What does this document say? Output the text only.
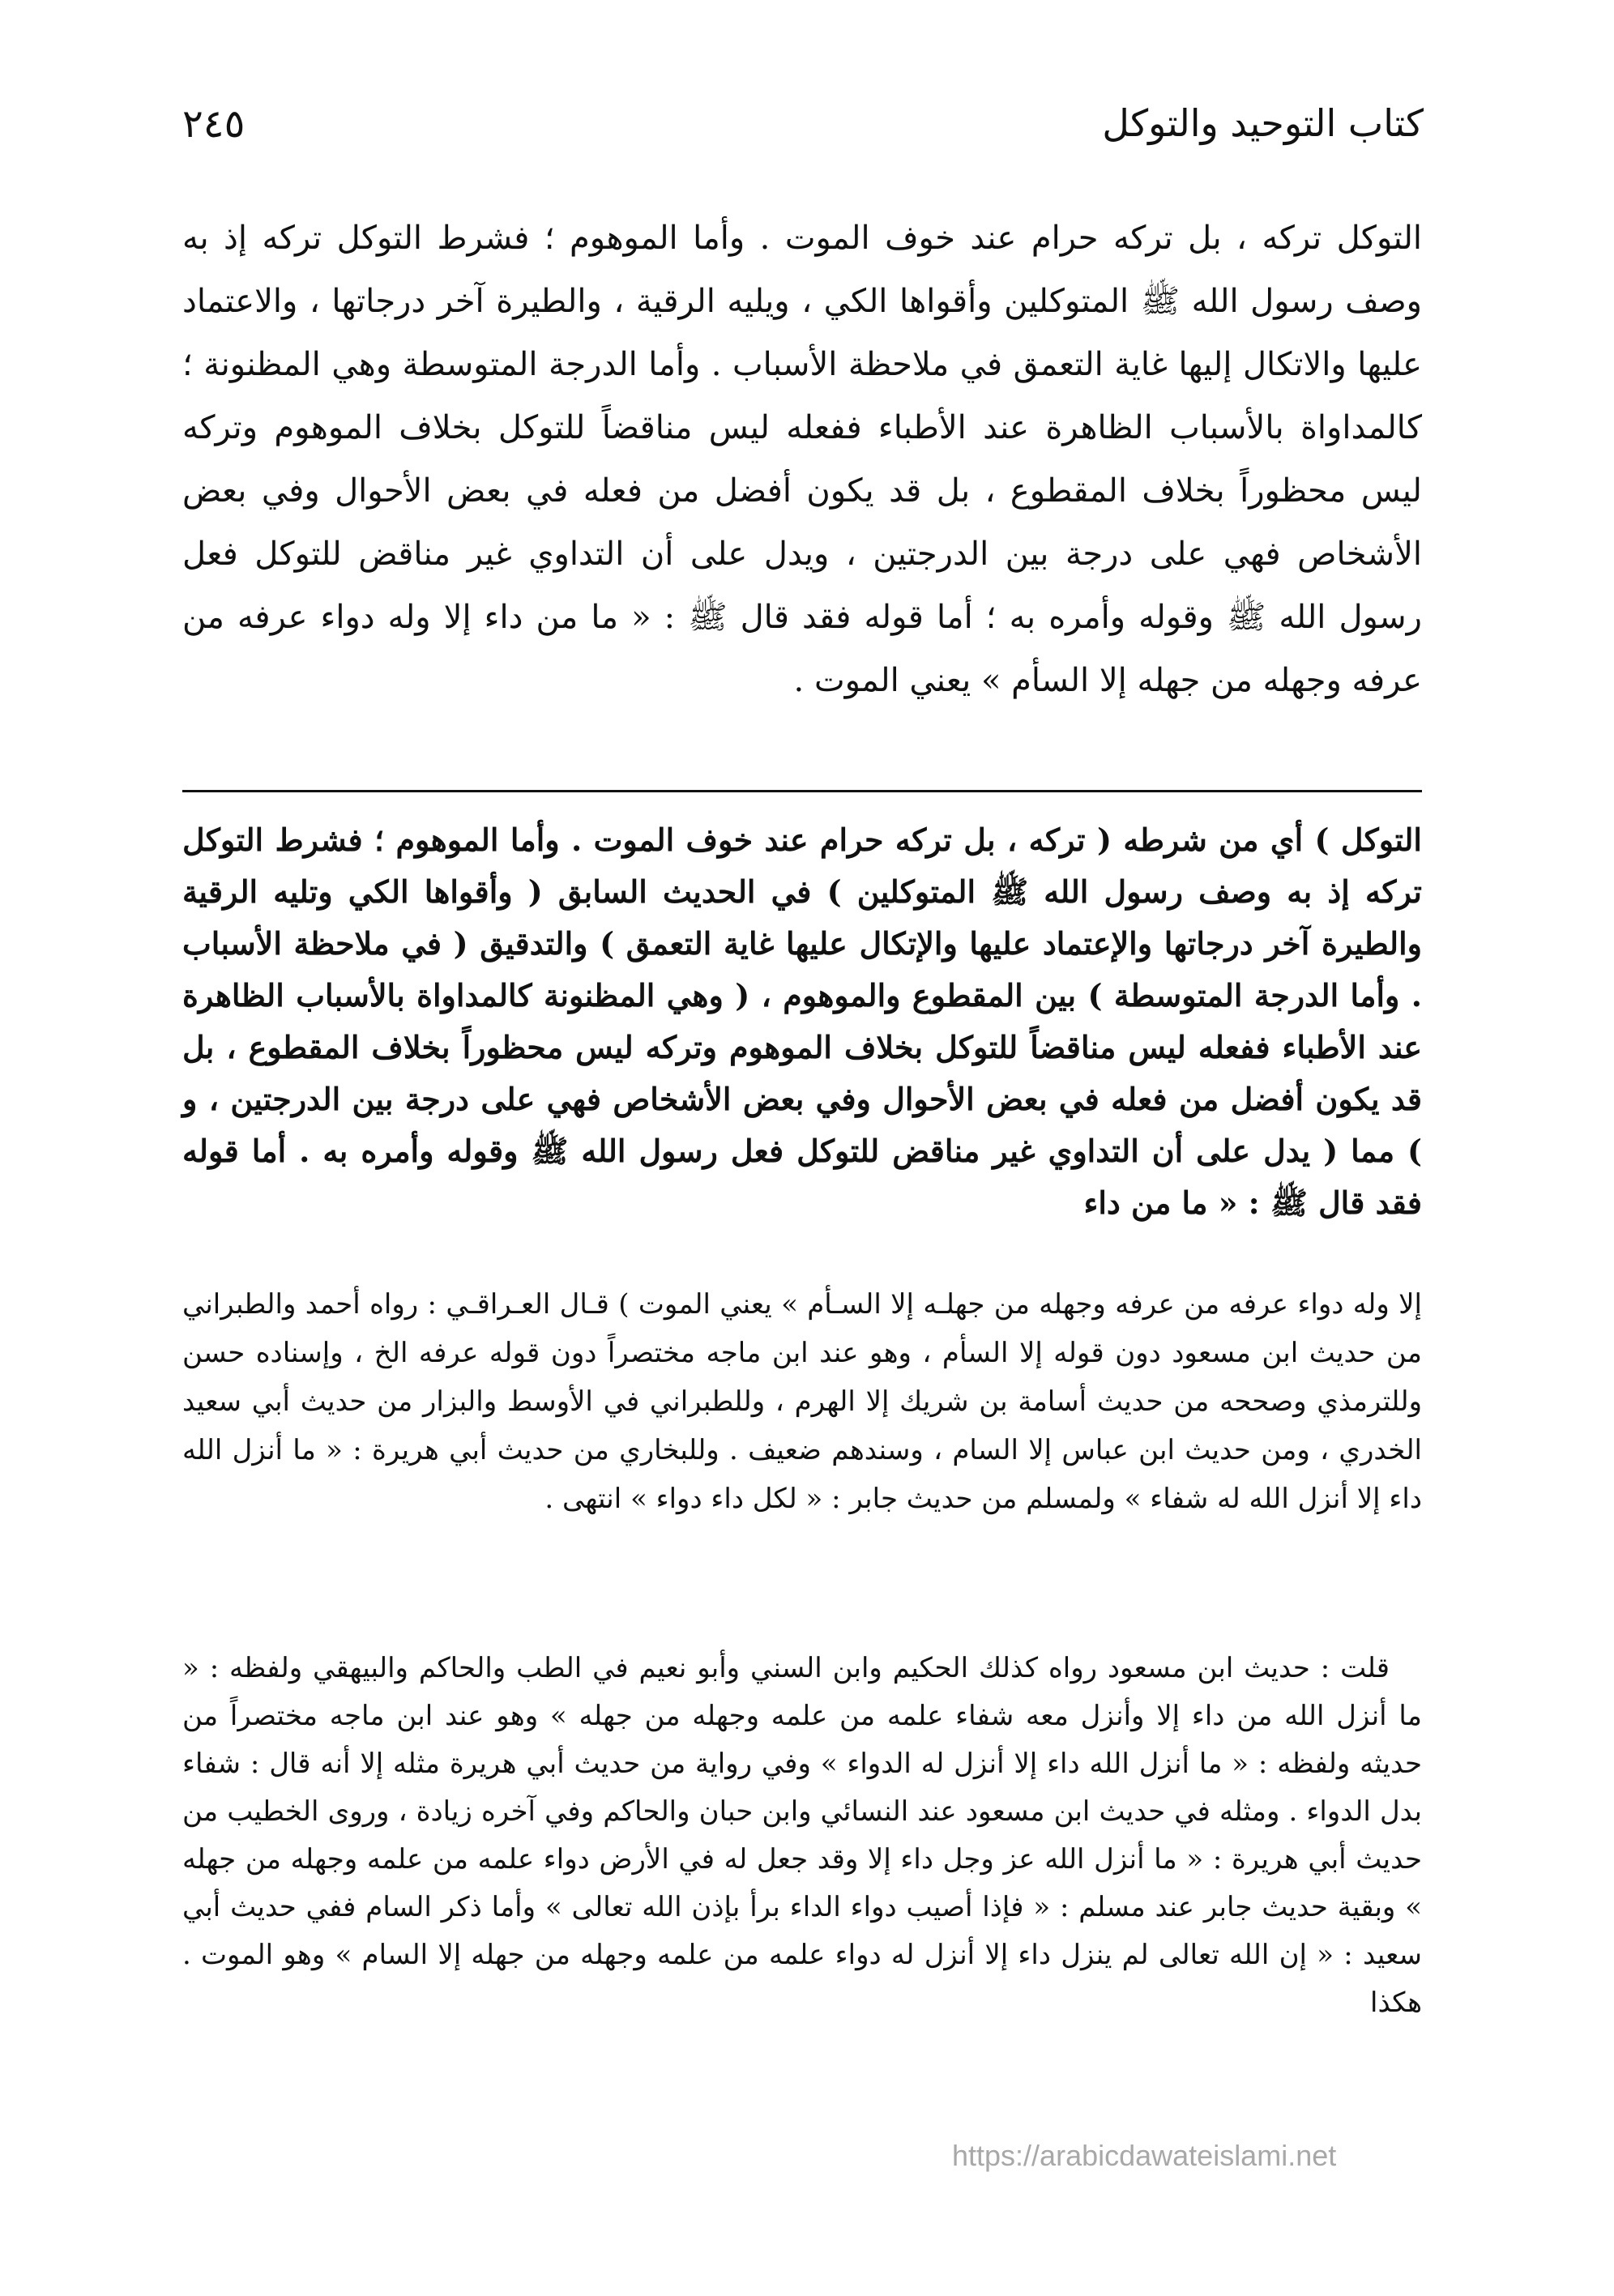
كتاب التوحيد والتوكل
٢٤٥
التوكل تركه ، بل تركه حرام عند خوف الموت . وأما الموهوم ؛ فشرط التوكل تركه إذ به وصف رسول الله ﷺ المتوكلين وأقواها الكي ، ويليه الرقية ، والطيرة آخر درجاتها ، والاعتماد عليها والاتكال إليها غاية التعمق في ملاحظة الأسباب . وأما الدرجة المتوسطة وهي المظنونة ؛ كالمداواة بالأسباب الظاهرة عند الأطباء ففعله ليس مناقضاً للتوكل بخلاف الموهوم وتركه ليس محظوراً بخلاف المقطوع ، بل قد يكون أفضل من فعله في بعض الأحوال وفي بعض الأشخاص فهي على درجة بين الدرجتين ، ويدل على أن التداوي غير مناقض للتوكل فعل رسول الله ﷺ وقوله وأمره به ؛ أما قوله فقد قال ﷺ : « ما من داء إلا وله دواء عرفه من عرفه وجهله من جهله إلا السأم » يعني الموت .
التوكل ) أي من شرطه ( تركه ، بل تركه حرام عند خوف الموت . وأما الموهوم ؛ فشرط التوكل تركه إذ به وصف رسول الله ﷺ المتوكلين ) في الحديث السابق ( وأقواها الكي وتليه الرقية والطيرة آخر درجاتها والإعتماد عليها والإتكال عليها غاية التعمق ) والتدقيق ( في ملاحظة الأسباب . وأما الدرجة المتوسطة ) بين المقطوع والموهوم ، ( وهي المظنونة كالمداواة بالأسباب الظاهرة عند الأطباء ففعله ليس مناقضاً للتوكل بخلاف الموهوم وتركه ليس محظوراً بخلاف المقطوع ، بل قد يكون أفضل من فعله في بعض الأحوال وفي بعض الأشخاص فهي على درجة بين الدرجتين ، و ) مما ( يدل على أن التداوي غير مناقض للتوكل فعل رسول الله ﷺ وقوله وأمره به . أما قوله فقد قال ﷺ : « ما من داء
إلا وله دواء عرفه من عرفه وجهله من جهلـه إلا السـأم » يعني الموت ) قـال العـراقـي : رواه أحمد والطبراني من حديث ابن مسعود دون قوله إلا السأم ، وهو عند ابن ماجه مختصراً دون قوله عرفه الخ ، وإسناده حسن وللترمذي وصححه من حديث أسامة بن شريك إلا الهرم ، وللطبراني في الأوسط والبزار من حديث أبي سعيد الخدري ، ومن حديث ابن عباس إلا السام ، وسندهم ضعيف . وللبخاري من حديث أبي هريرة : « ما أنزل الله داء إلا أنزل الله له شفاء » ولمسلم من حديث جابر : « لكل داء دواء » انتهى .
قلت : حديث ابن مسعود رواه كذلك الحكيم وابن السني وأبو نعيم في الطب والحاكم والبيهقي ولفظه : « ما أنزل الله من داء إلا وأنزل معه شفاء علمه من علمه وجهله من جهله » وهو عند ابن ماجه مختصراً من حديثه ولفظه : « ما أنزل الله داء إلا أنزل له الدواء » وفي رواية من حديث أبي هريرة مثله إلا أنه قال : شفاء بدل الدواء . ومثله في حديث ابن مسعود عند النسائي وابن حبان والحاكم وفي آخره زيادة ، وروى الخطيب من حديث أبي هريرة : « ما أنزل الله عز وجل داء إلا وقد جعل له في الأرض دواء علمه من علمه وجهله من جهله » وبقية حديث جابر عند مسلم : « فإذا أصيب دواء الداء برأ بإذن الله تعالى » وأما ذكر السام ففي حديث أبي سعيد : « إن الله تعالى لم ينزل داء إلا أنزل له دواء علمه من علمه وجهله من جهله إلا السام » وهو الموت . هكذا
https://arabicdawateislami.net
